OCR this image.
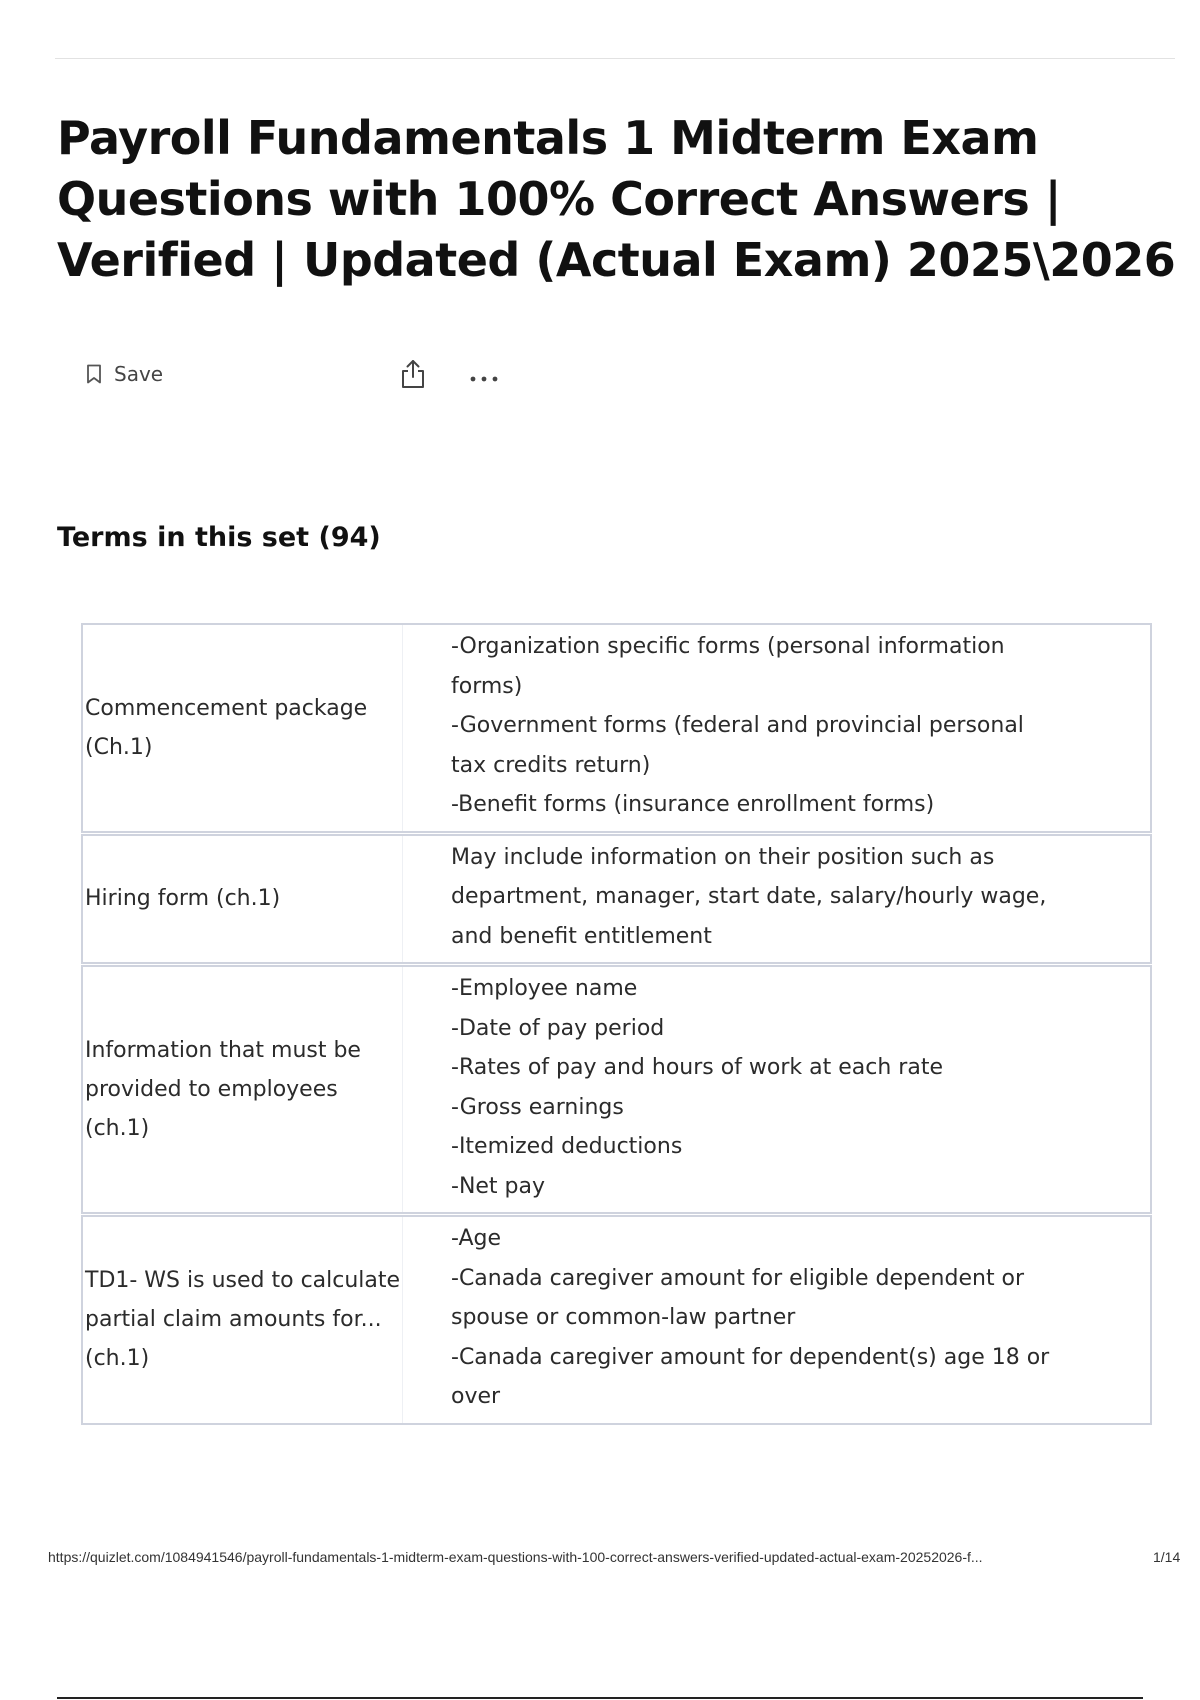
Payroll Fundamentals 1 Midterm Exam Questions with 100% Correct Answers | Verified | Updated (Actual Exam) 2025\2026
Save
Terms in this set (94)
Commencement package (Ch.1)
-Organization specific forms (personal information forms)
-Government forms (federal and provincial personal tax credits return)
-Benefit forms (insurance enrollment forms)
Hiring form (ch.1)
May include information on their position such as department, manager, start date, salary/hourly wage, and benefit entitlement
Information that must be provided to employees (ch.1)
-Employee name
-Date of pay period
-Rates of pay and hours of work at each rate
-Gross earnings
-Itemized deductions
-Net pay
TD1- WS is used to calculate partial claim amounts for... (ch.1)
-Age
-Canada caregiver amount for eligible dependent or spouse or common-law partner
-Canada caregiver amount for dependent(s) age 18 or over
https://quizlet.com/1084941546/payroll-fundamentals-1-midterm-exam-questions-with-100-correct-answers-verified-updated-actual-exam-20252026-f...	1/14
